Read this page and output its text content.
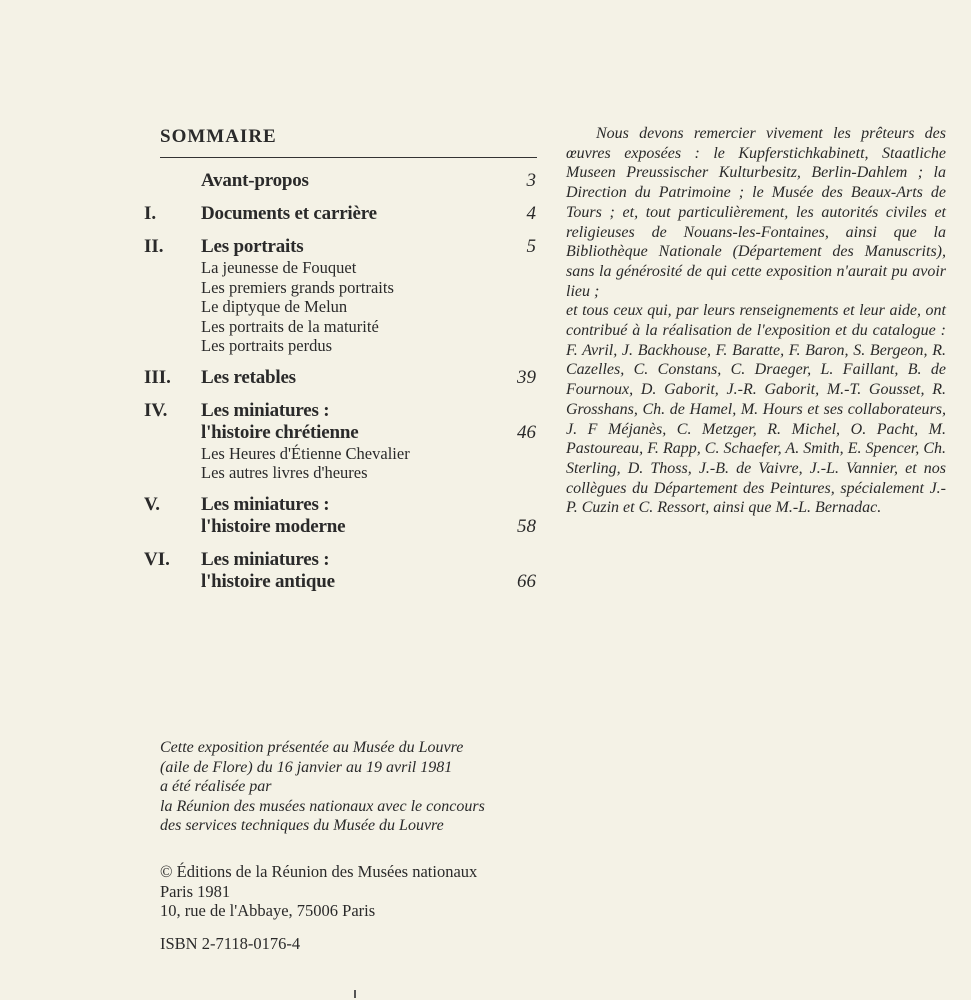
SOMMAIRE
Avant-propos	3
I. Documents et carrière	4
II. Les portraits	5
La jeunesse de Fouquet
Les premiers grands portraits
Le diptyque de Melun
Les portraits de la maturité
Les portraits perdus
III. Les retables	39
IV. Les miniatures :
l'histoire chrétienne	46
Les Heures d'Étienne Chevalier
Les autres livres d'heures
V. Les miniatures :
l'histoire moderne	58
VI. Les miniatures :
l'histoire antique	66

Nous devons remercier vivement les prêteurs des œuvres exposées : le Kupferstichkabinett, Staatliche Museen Preussischer Kulturbesitz, Berlin-Dahlem ; la Direction du Patrimoine ; le Musée des Beaux-Arts de Tours ; et, tout particulièrement, les autorités civiles et religieuses de Nouans-les-Fontaines, ainsi que la Bibliothèque Nationale (Département des Manuscrits), sans la générosité de qui cette exposition n'aurait pu avoir lieu ;

et tous ceux qui, par leurs renseignements et leur aide, ont contribué à la réalisation de l'exposition et du catalogue : F. Avril, J. Backhouse, F. Baratte, F. Baron, S. Bergeon, R. Cazelles, C. Constans, C. Draeger, L. Faillant, B. de Fournoux, D. Gaborit, J.-R. Gaborit, M.-T. Gousset, R. Grosshans, Ch. de Hamel, M. Hours et ses collaborateurs, J. F Méjanès, C. Metzger, R. Michel, O. Pacht, M. Pastoureau, F. Rapp, C. Schaefer, A. Smith, E. Spencer, Ch. Sterling, D. Thoss, J.-B. de Vaivre, J.-L. Vannier, et nos collègues du Département des Peintures, spécialement J.-P. Cuzin et C. Ressort, ainsi que M.-L. Bernadac.

Cette exposition présentée au Musée du Louvre
(aile de Flore) du 16 janvier au 19 avril 1981
a été réalisée par
la Réunion des musées nationaux avec le concours
des services techniques du Musée du Louvre
© Éditions de la Réunion des Musées nationaux
Paris 1981
10, rue de l'Abbaye, 75006 Paris
ISBN 2-7118-0176-4
